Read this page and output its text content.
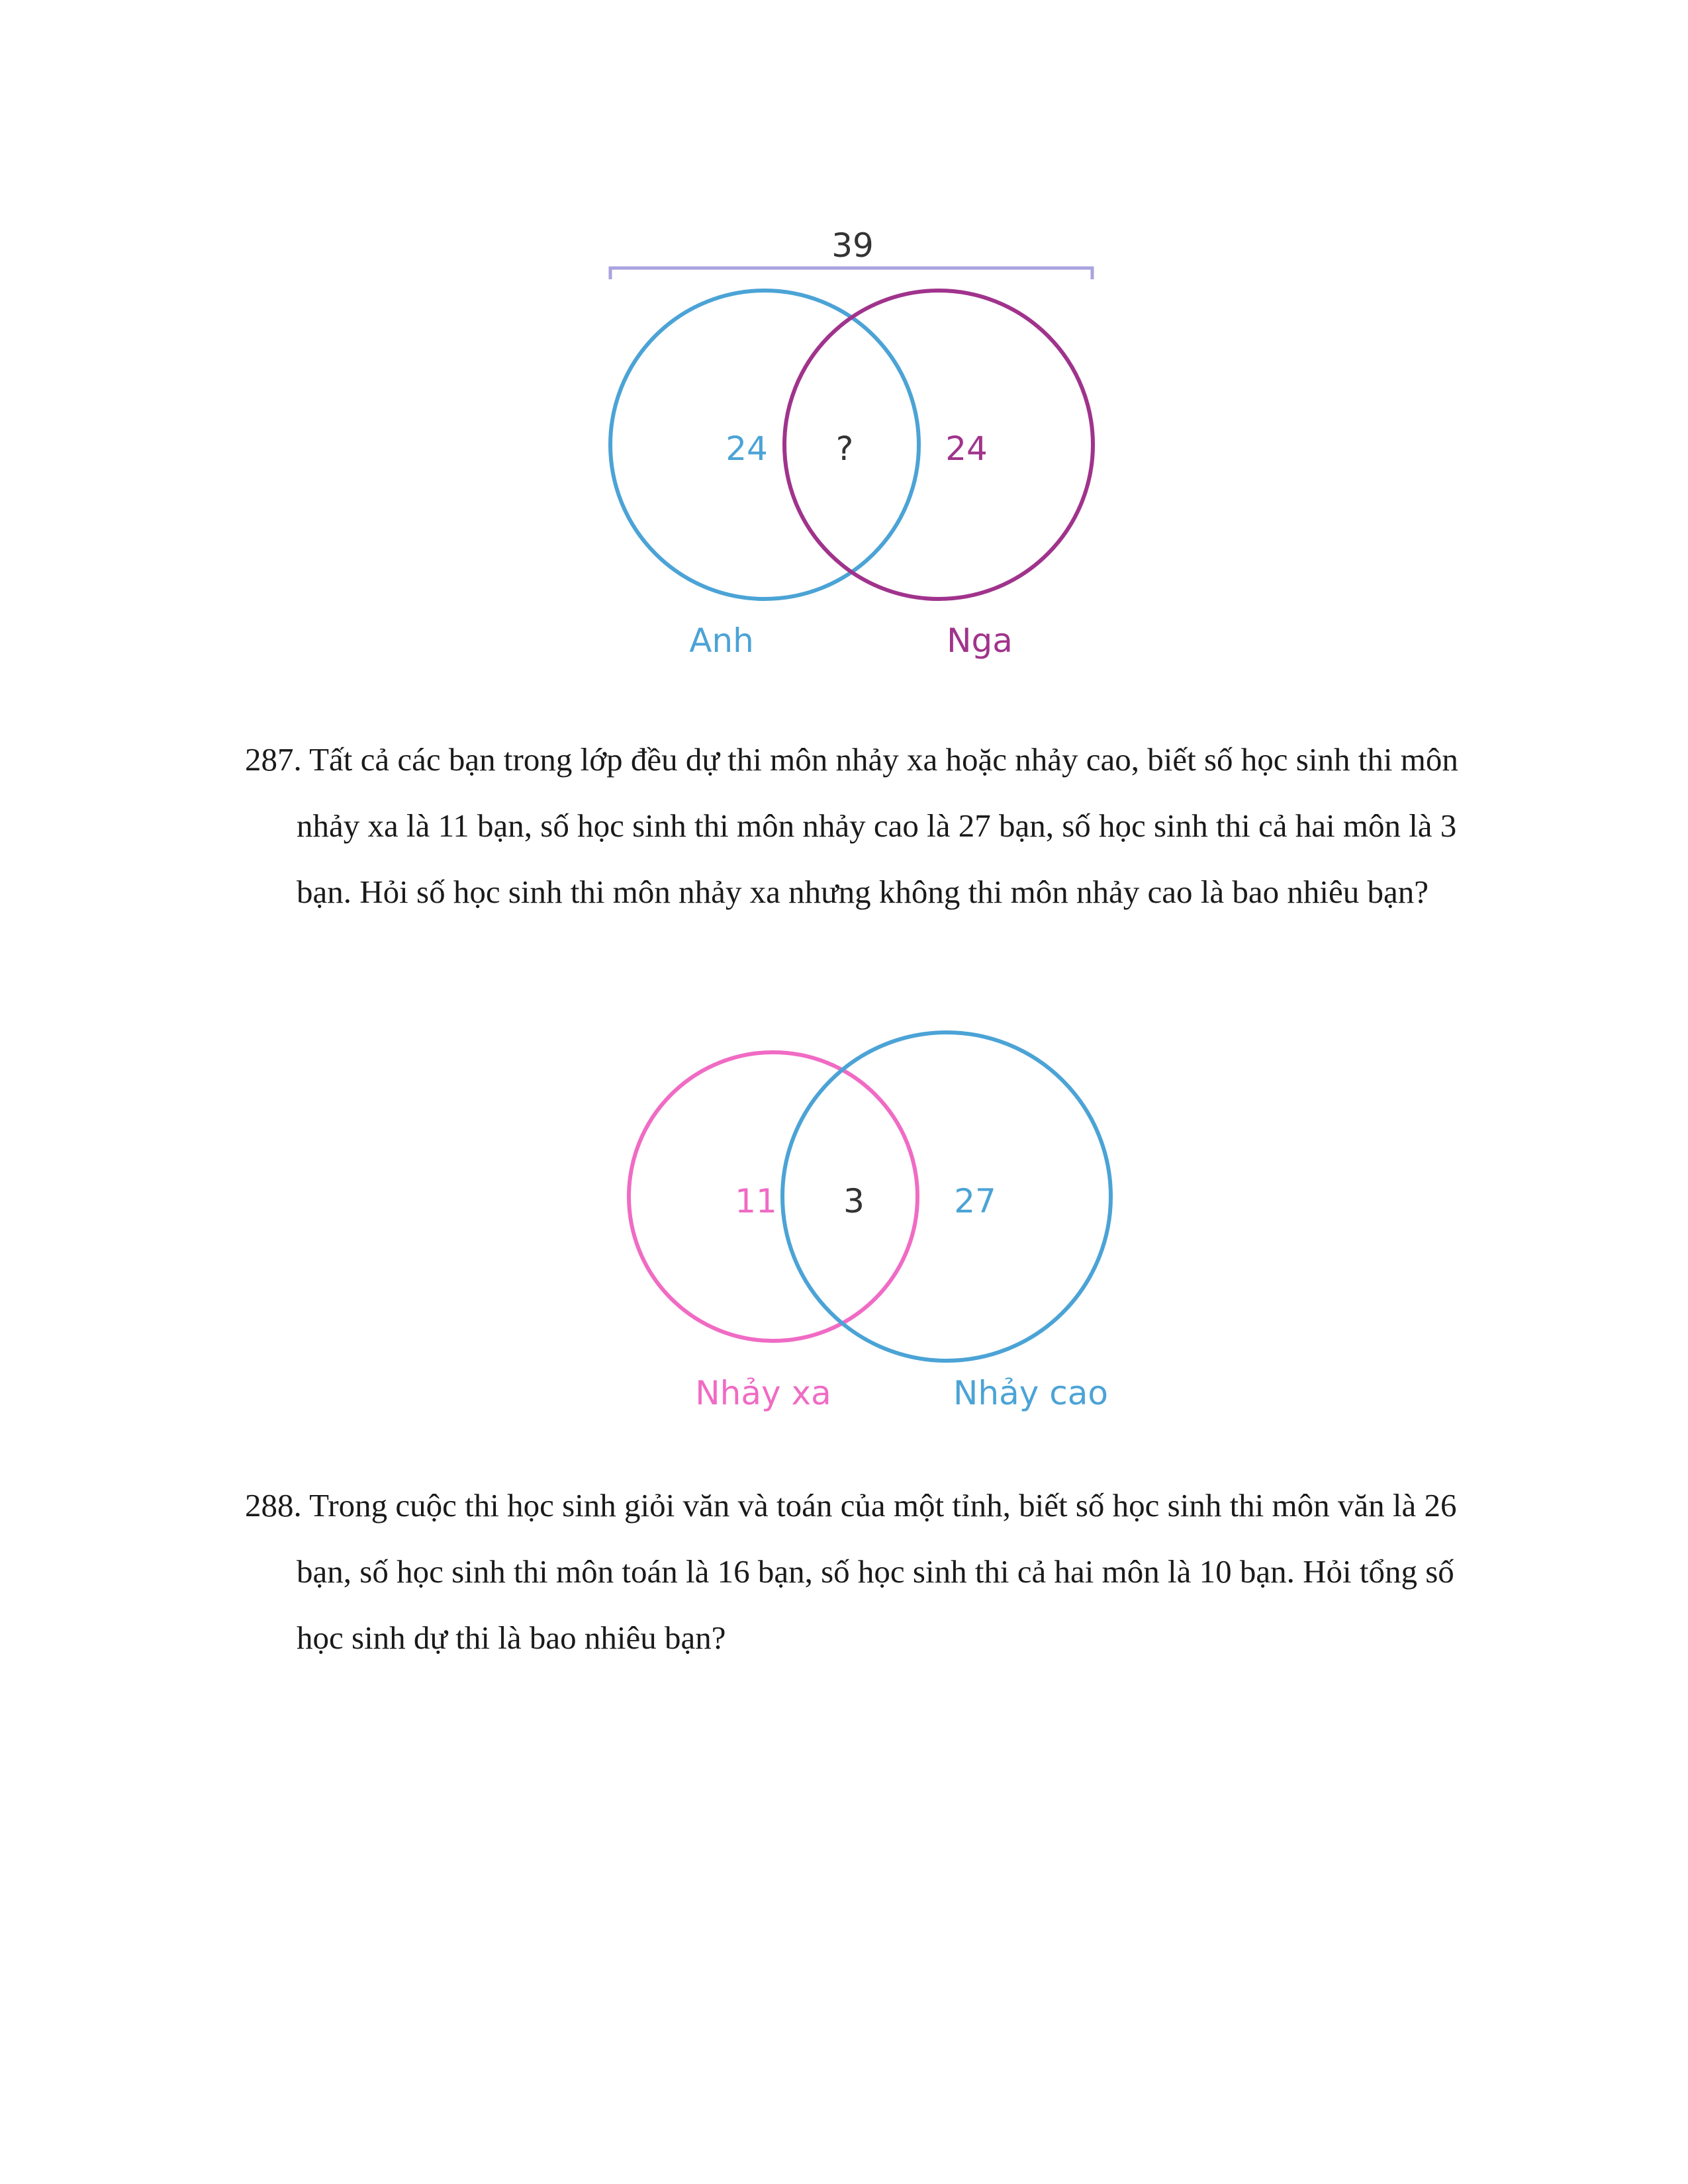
39
24 ?	24
Anh	Nga

287. Tất cả các bạn trong lớp đều dự thi môn nhảy xa hoặc nhảy cao, biết số học sinh thi môn nhảy xa là 11 bạn, số học sinh thi môn nhảy cao là 27 bạn, số học sinh thi cả hai môn là 3 bạn. Hỏi số học sinh thi môn nhảy xa nhưng không thi môn nhảy cao là bao nhiêu bạn?

11 3	27
Nhảy xa	Nhảy cao

288. Trong cuộc thi học sinh giỏi văn và toán của một tỉnh, biết số học sinh thi môn văn là 26 bạn, số học sinh thi môn toán là 16 bạn, số học sinh thi cả hai môn là 10 bạn. Hỏi tổng số học sinh dự thi là bao nhiêu bạn?
